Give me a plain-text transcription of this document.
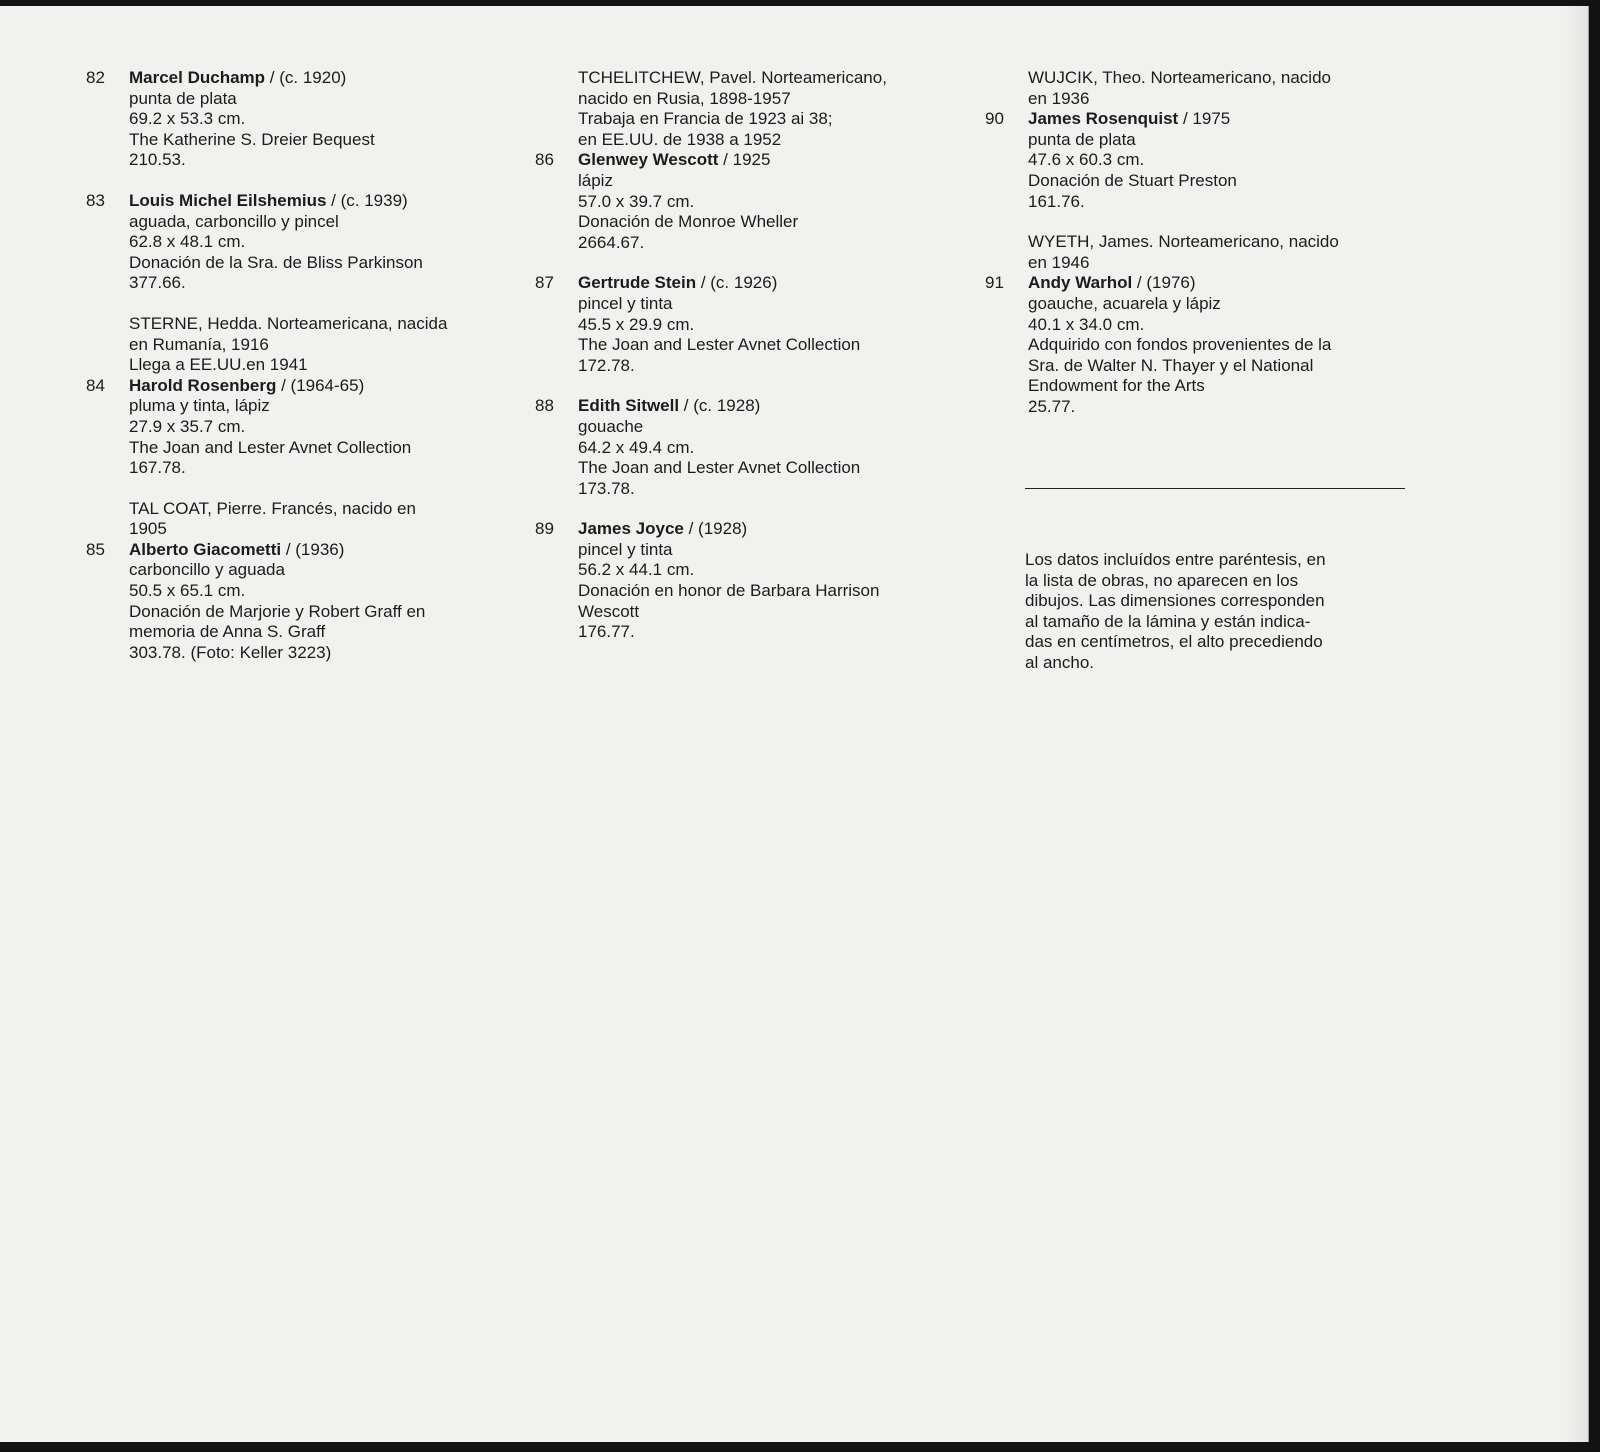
82 Marcel Duchamp / (c. 1920)
punta de plata
69.2 x 53.3 cm.
The Katherine S. Dreier Bequest
210.53.
83 Louis Michel Eilshemius / (c. 1939)
aguada, carboncillo y pincel
62.8 x 48.1 cm.
Donación de la Sra. de Bliss Parkinson
377.66.
STERNE, Hedda. Norteamericana, nacida
en Rumanía, 1916
Llega a EE.UU.en 1941
84 Harold Rosenberg / (1964-65)
pluma y tinta, lápiz
27.9 x 35.7 cm.
The Joan and Lester Avnet Collection
167.78.
TAL COAT, Pierre. Francés, nacido en
1905
85 Alberto Giacometti / (1936)
carboncillo y aguada
50.5 x 65.1 cm.
Donación de Marjorie y Robert Graff en
memoria de Anna S. Graff
303.78. (Foto: Keller 3223)
TCHELITCHEW, Pavel. Norteamericano,
nacido en Rusia, 1898-1957
Trabaja en Francia de 1923 ai 38;
en EE.UU. de 1938 a 1952
86 Glenwey Wescott / 1925
lápiz
57.0 x 39.7 cm.
Donación de Monroe Wheller
2664.67.
87 Gertrude Stein / (c. 1926)
pincel y tinta
45.5 x 29.9 cm.
The Joan and Lester Avnet Collection
172.78.
88 Edith Sitwell / (c. 1928)
gouache
64.2 x 49.4 cm.
The Joan and Lester Avnet Collection
173.78.
89 James Joyce / (1928)
pincel y tinta
56.2 x 44.1 cm.
Donación en honor de Barbara Harrison
Wescott
176.77.
WUJCIK, Theo. Norteamericano, nacido
en 1936
90 James Rosenquist / 1975
punta de plata
47.6 x 60.3 cm.
Donación de Stuart Preston
161.76.
WYETH, James. Norteamericano, nacido
en 1946
91 Andy Warhol / (1976)
goauche, acuarela y lápiz
40.1 x 34.0 cm.
Adquirido con fondos provenientes de la
Sra. de Walter N. Thayer y el National
Endowment for the Arts
25.77.
Los datos incluídos entre paréntesis, en
la lista de obras, no aparecen en los
dibujos. Las dimensiones corresponden
al tamaño de la lámina y están indica-
das en centímetros, el alto precediendo
al ancho.
